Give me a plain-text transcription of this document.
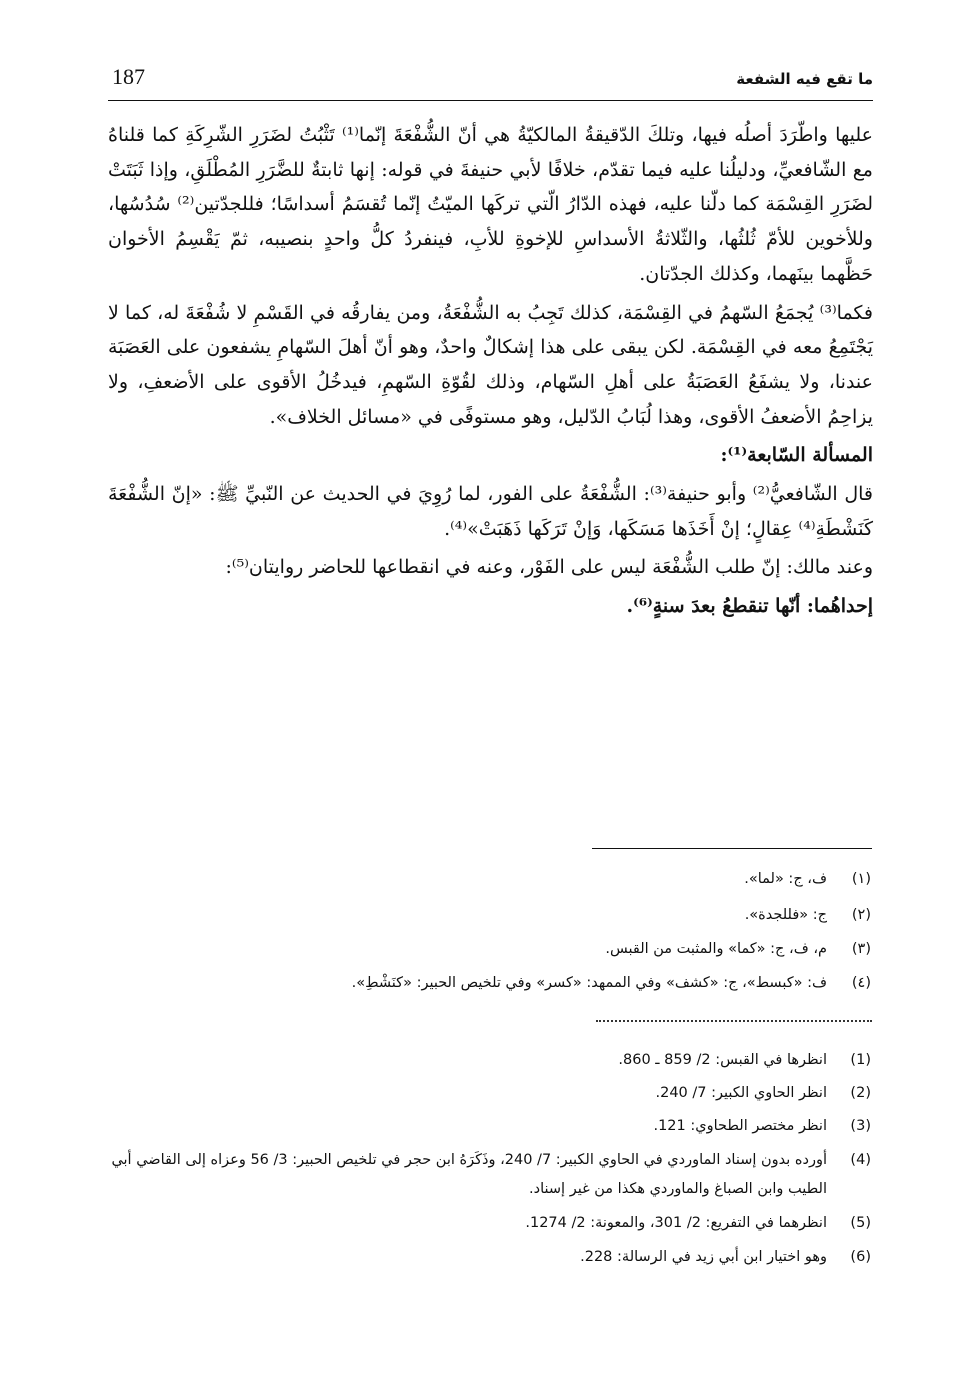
187	ما تقع فيه الشفعة

عليها واطّرَدَ أصلُه فيها، وتلكَ الدّقيقةُ المالكيّةُ هي أنّ الشُّفْعَةَ إنّما⁽¹⁾ تَثْبُتُ لضَرَرِ الشّرِكَةِ كما قلناهُ مع الشّافعيِّ، ودليلُنا عليه فيما تقدّم، خلافًا لأبي حنيفةَ في قوله: إنها ثابتةٌ للضَّرَرِ المُطْلَقِ، وإذا ثَبَتَتْ لضَرَرِ القِسْمَة كما دلّنا عليه، فهذه الدّارُ الّتي تركَها الميّتُ إنّما تُقسَمُ أسداسًا؛ فللجدّتين⁽²⁾ سُدُسُها، وللأخوين للأمّ ثُلثُها، والثّلاثةُ الأسداسِ للإخوةِ للأبِ، فينفردُ كلُّ واحدٍ بنصيبه، ثمّ يَقْسِمُ الأخوان حَظَّهما بينَهما، وكذلك الجدّتان.

فكما⁽³⁾ يُجمَعُ السّهمُ في القِسْمَة، كذلك تَجِبُ به الشُّفْعَةُ، ومن يفارقُه في القَسْمِ لا شُفْعَةَ له، كما لا يَجْتَمِعُ معه في القِسْمَة. لكن يبقى على هذا إشكالٌ واحدٌ، وهو أنّ أهلَ السّهامِ يشفعون على العَصَبَة عندنا، ولا يشفَعُ العَصَبَةُ على أهلِ السّهام، وذلك لقُوّةِ السّهمِ، فيدخُلُ الأقوى على الأضعفِ، ولا يزاحِمُ الأضعفُ الأقوى، وهذا لُبَابُ الدّليل، وهو مستوفًى في «مسائل الخلاف».

المسألة السّابعة⁽¹⁾:

قال الشّافعيُّ⁽²⁾ وأبو حنيفة⁽³⁾: الشُّفْعَةُ على الفور، لما رُوِيَ في الحديث عن النّبيِّ ﷺ: «إنّ الشُّفْعَةَ كَنَشْطَةِ⁽⁴⁾ عِقالٍ؛ إنْ أَخَذَها مَسَكَها، وَإنْ تَرَكَها ذَهَبَتْ»⁽⁴⁾.

وعند مالك: إنّ طلب الشُّفْعَة ليس على الفَوْر، وعنه في انقطاعها للحاضر روايتان⁽⁵⁾:

إحداهُما: أنّها تنقطعُ بعدَ سنةٍ⁽⁶⁾.

(١)
ف، ج: «لما».
(٢)
ج: «فللجدة».
(٣)
م، ف، ج: «كما» والمثبت من القبس.
(٤)
ف: «كبسط»، ج: «كشف» وفي الممهد: «كسر» وفي تلخيص الحبير: «كنَشْطِ».
(1)
انظرها في القبس: 2/ 859 ـ 860.
(2)
انظر الحاوي الكبير: 7/ 240.
(3)
انظر مختصر الطحاوي: 121.
(4)
أورده بدون إسناد الماوردي في الحاوي الكبير: 7/ 240، وذَكَرَهُ ابن حجر في تلخيص الحبير: 3/ 56 وعزاه إلى القاضي أبي الطيب وابن الصباغ والماوردي هكذا من غير إسناد.
(5)
انظرهما في التفريع: 2/ 301، والمعونة: 2/ 1274.
(6)
وهو اختيار ابن أبي زيد في الرسالة: 228.
